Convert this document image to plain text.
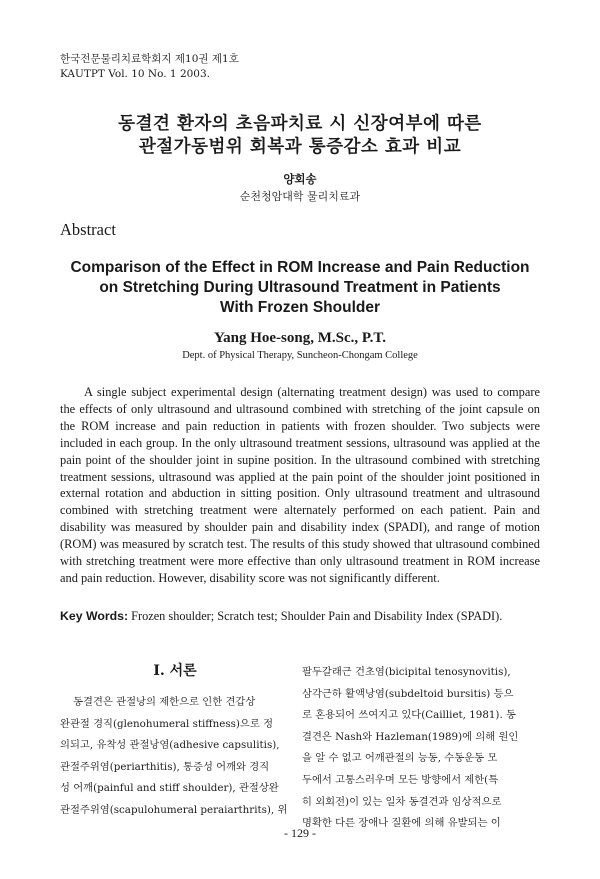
한국전문물리치료학회지 제10권 제1호
KAUTPT Vol. 10 No. 1 2003.
동결견 환자의 초음파치료 시 신장여부에 따른
관절가동범위 회복과 통증감소 효과 비교
양회송
순천청암대학 물리치료과
Abstract
Comparison of the Effect in ROM Increase and Pain Reduction
on Stretching During Ultrasound Treatment in Patients
With Frozen Shoulder
Yang Hoe-song, M.Sc., P.T.
Dept. of Physical Therapy, Suncheon-Chongam College

A single subject experimental design (alternating treatment design) was used to compare the effects of only ultrasound and ultrasound combined with stretching of the joint capsule on the ROM increase and pain reduction in patients with frozen shoulder. Two subjects were included in each group. In the only ultrasound treatment sessions, ultrasound was applied at the pain point of the shoulder joint in supine position. In the ultrasound combined with stretching treatment sessions, ultrasound was applied at the pain point of the shoulder joint positioned in external rotation and abduction in sitting position. Only ultrasound treatment and ultrasound combined with stretching treatment were alternately performed on each patient. Pain and disability was measured by shoulder pain and disability index (SPADI), and range of motion (ROM) was measured by scratch test. The results of this study showed that ultrasound combined with stretching treatment were more effective than only ultrasound treatment in ROM increase and pain reduction. However, disability score was not significantly different.

Key Words: Frozen shoulder; Scratch test; Shoulder Pain and Disability Index (SPADI).
Ⅰ. 서론
동결견은 관절낭의 제한으로 인한 견갑상
완관절 경직(glenohumeral stiffness)으로 정
의되고, 유착성 관절낭염(adhesive capsulitis),
관절주위염(periarthitis), 통증성 어깨와 경직
성 어깨(painful and stiff shoulder), 관절상완
관절주위염(scapulohumeral peraiarthrits), 위
팔두갈래근 건초염(bicipital tenosynovitis),
삼각근하 활액낭염(subdeltoid bursitis) 등으
로 혼용되어 쓰여지고 있다(Cailliet, 1981). 동
결견은 Nash와 Hazleman(1989)에 의해 원인
을 알 수 없고 어깨관절의 능동, 수동운동 모
두에서 고통스러우며 모든 방향에서 제한(특
히 외회전)이 있는 일차 동결견과 임상적으로
명확한 다른 장애나 질환에 의해 유발되는 이
- 129 -
